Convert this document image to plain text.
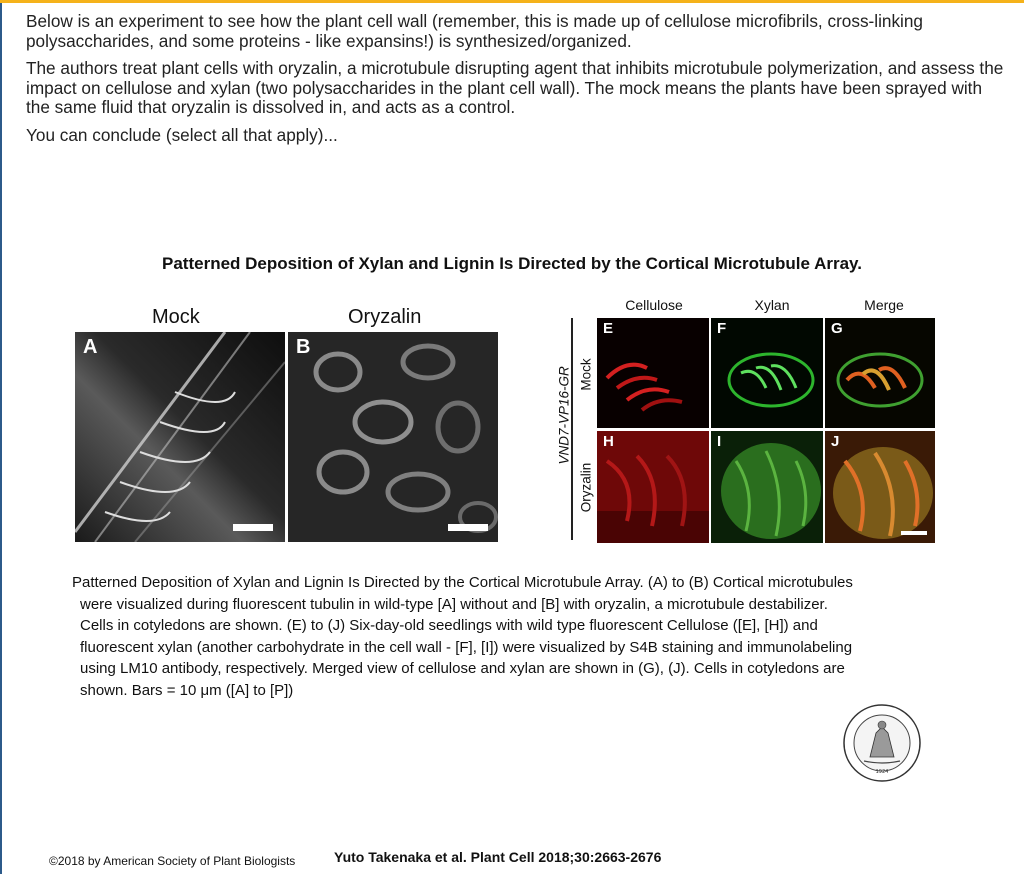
Below is an experiment to see how the plant cell wall (remember, this is made up of cellulose microfibrils, cross-linking polysaccharides, and some proteins - like expansins!) is synthesized/organized.

The authors treat plant cells with oryzalin, a microtubule disrupting agent that inhibits microtubule polymerization, and assess the impact on cellulose and xylan (two polysaccharides in the plant cell wall). The mock means the plants have been sprayed with the same fluid that oryzalin is dissolved in, and acts as a control.

You can conclude (select all that apply)...

Patterned Deposition of Xylan and Lignin Is Directed by the Cortical Microtubule Array.
Mock	Oryzalin
A	B
Cellulose	Xylan	Merge
VND7-VP16-GR Mock
Oryzalin
E	F	G
H	I	J
Patterned Deposition of Xylan and Lignin Is Directed by the Cortical Microtubule Array. (A) to (B) Cortical microtubules
were visualized during fluorescent tubulin in wild-type [A] without and [B] with oryzalin, a microtubule destabilizer.
Cells in cotyledons are shown. (E) to (J) Six-day-old seedlings with wild type fluorescent Cellulose ([E], [H]) and
fluorescent xylan (another carbohydrate in the cell wall - [F], [I]) were visualized by S4B staining and immunolabeling
using LM10 antibody, respectively. Merged view of cellulose and xylan are shown in (G), (J). Cells in cotyledons are
shown. Bars = 10 μm ([A] to [P])
1924
©2018 by American Society of Plant Biologists	Yuto Takenaka et al. Plant Cell 2018;30:2663-2676
